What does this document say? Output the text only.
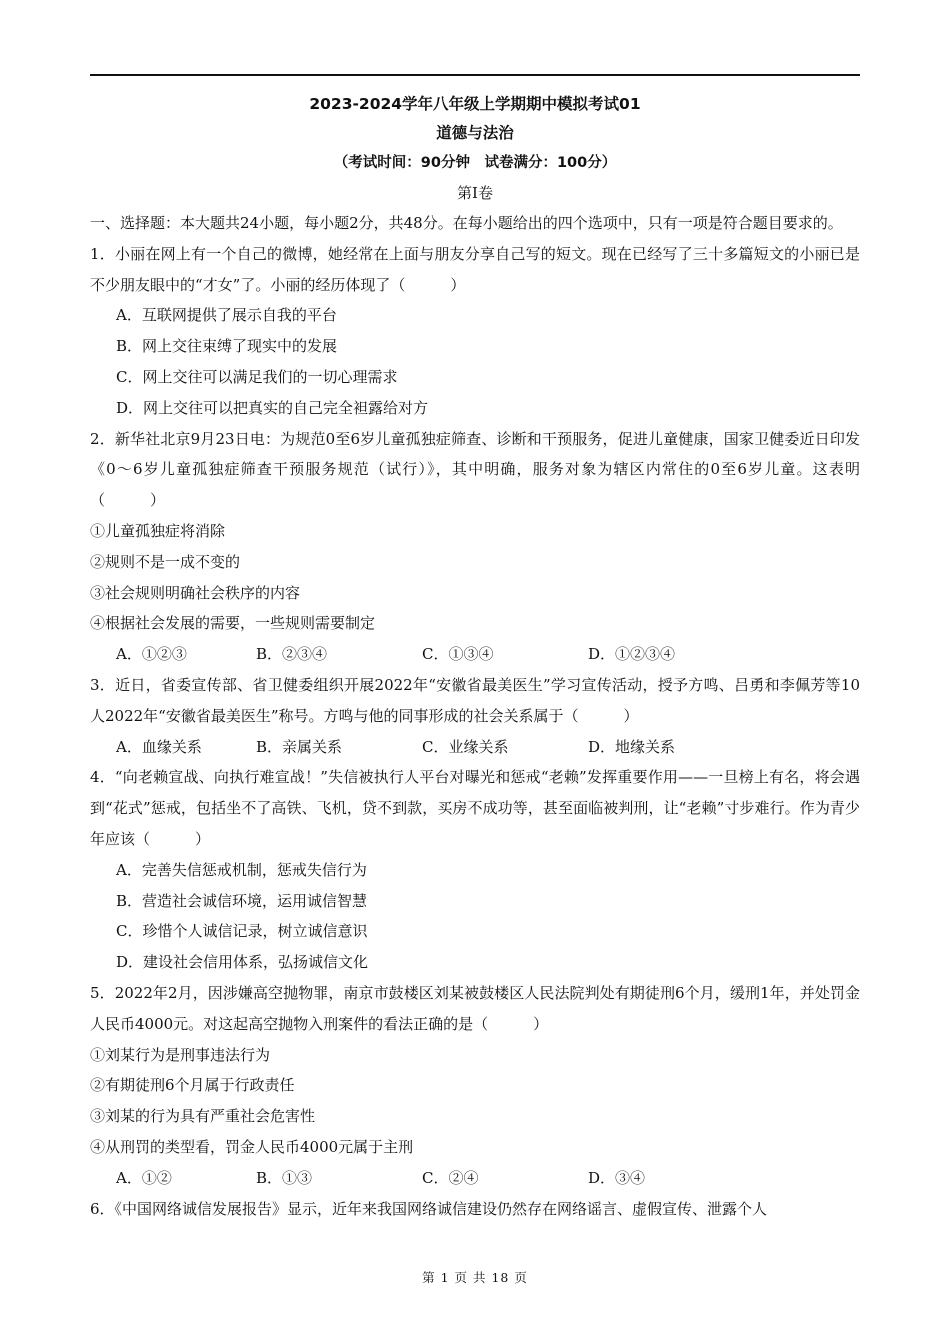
2023-2024学年八年级上学期期中模拟考试01
道德与法治
（考试时间：90分钟　试卷满分：100分）
第Ⅰ卷

一、选择题：本大题共24小题，每小题2分，共48分。在每小题给出的四个选项中，只有一项是符合题目要求的。

1．小丽在网上有一个自己的微博，她经常在上面与朋友分享自己写的短文。现在已经写了三十多篇短文的小丽已是不少朋友眼中的“才女”了。小丽的经历体现了（　　　）

A．互联网提供了展示自我的平台

B．网上交往束缚了现实中的发展

C．网上交往可以满足我们的一切心理需求

D．网上交往可以把真实的自己完全袒露给对方

2．新华社北京9月23日电：为规范0至6岁儿童孤独症筛查、诊断和干预服务，促进儿童健康，国家卫健委近日印发《0～6岁儿童孤独症筛查干预服务规范（试行）》，其中明确，服务对象为辖区内常住的0至6岁儿童。这表明（　　　）

①儿童孤独症将消除

②规则不是一成不变的

③社会规则明确社会秩序的内容

④根据社会发展的需要，一些规则需要制定

A．①②③	B．②③④	C．①③④	D．①②③④

3．近日，省委宣传部、省卫健委组织开展2022年“安徽省最美医生”学习宣传活动，授予方鸣、吕勇和李佩芳等10人2022年“安徽省最美医生”称号。方鸣与他的同事形成的社会关系属于（　　　）

A．血缘关系	B．亲属关系	C．业缘关系	D．地缘关系

4．“向老赖宣战、向执行难宣战！”失信被执行人平台对曝光和惩戒“老赖”发挥重要作用——一旦榜上有名，将会遇到“花式”惩戒，包括坐不了高铁、飞机，贷不到款，买房不成功等，甚至面临被判刑，让“老赖”寸步难行。作为青少年应该（　　　）

A．完善失信惩戒机制，惩戒失信行为

B．营造社会诚信环境，运用诚信智慧

C．珍惜个人诚信记录，树立诚信意识

D．建设社会信用体系，弘扬诚信文化

5．2022年2月，因涉嫌高空抛物罪，南京市鼓楼区刘某被鼓楼区人民法院判处有期徒刑6个月，缓刑1年，并处罚金人民币4000元。对这起高空抛物入刑案件的看法正确的是（　　　）

①刘某行为是刑事违法行为

②有期徒刑6个月属于行政责任

③刘某的行为具有严重社会危害性

④从刑罚的类型看，罚金人民币4000元属于主刑

A．①②	B．①③	C．②④	D．③④

6．《中国网络诚信发展报告》显示，近年来我国网络诚信建设仍然存在网络谣言、虚假宣传、泄露个人

第 1 页 共 18 页
